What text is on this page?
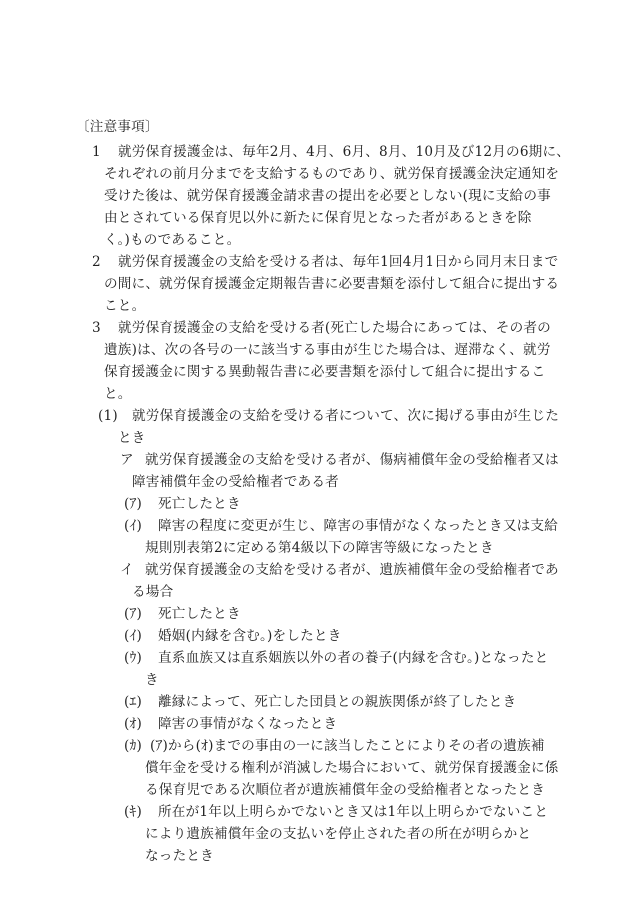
〔注意事項〕
1 就労保育援護金は、毎年2月、4月、6月、8月、10月及び12月の6期に、
それぞれの前月分までを支給するものであり、就労保育援護金決定通知を
受けた後は、就労保育援護金請求書の提出を必要としない(現に支給の事
由とされている保育児以外に新たに保育児となった者があるときを除
く。)ものであること。
2 就労保育援護金の支給を受ける者は、毎年1回4月1日から同月末日まで
の間に、就労保育援護金定期報告書に必要書類を添付して組合に提出する
こと。
3 就労保育援護金の支給を受ける者(死亡した場合にあっては、その者の
遺族)は、次の各号の一に該当する事由が生じた場合は、遅滞なく、就労
保育援護金に関する異動報告書に必要書類を添付して組合に提出するこ
と。
(1) 就労保育援護金の支給を受ける者について、次に掲げる事由が生じた
とき
ア 就労保育援護金の支給を受ける者が、傷病補償年金の受給権者又は
障害補償年金の受給権者である者
(ｱ) 死亡したとき
(ｲ) 障害の程度に変更が生じ、障害の事情がなくなったとき又は支給
規則別表第2に定める第4級以下の障害等級になったとき
イ 就労保育援護金の支給を受ける者が、遺族補償年金の受給権者であ
る場合
(ｱ) 死亡したとき
(ｲ) 婚姻(内縁を含む。)をしたとき
(ｳ) 直系血族又は直系姻族以外の者の養子(内縁を含む。)となったと
き
(ｴ) 離縁によって、死亡した団員との親族関係が終了したとき
(ｵ) 障害の事情がなくなったとき
(ｶ) (ｱ)から(ｵ)までの事由の一に該当したことによりその者の遺族補
償年金を受ける権利が消滅した場合において、就労保育援護金に係
る保育児である次順位者が遺族補償年金の受給権者となったとき
(ｷ) 所在が1年以上明らかでないとき又は1年以上明らかでないこと
により遺族補償年金の支払いを停止された者の所在が明らかと
なったとき
